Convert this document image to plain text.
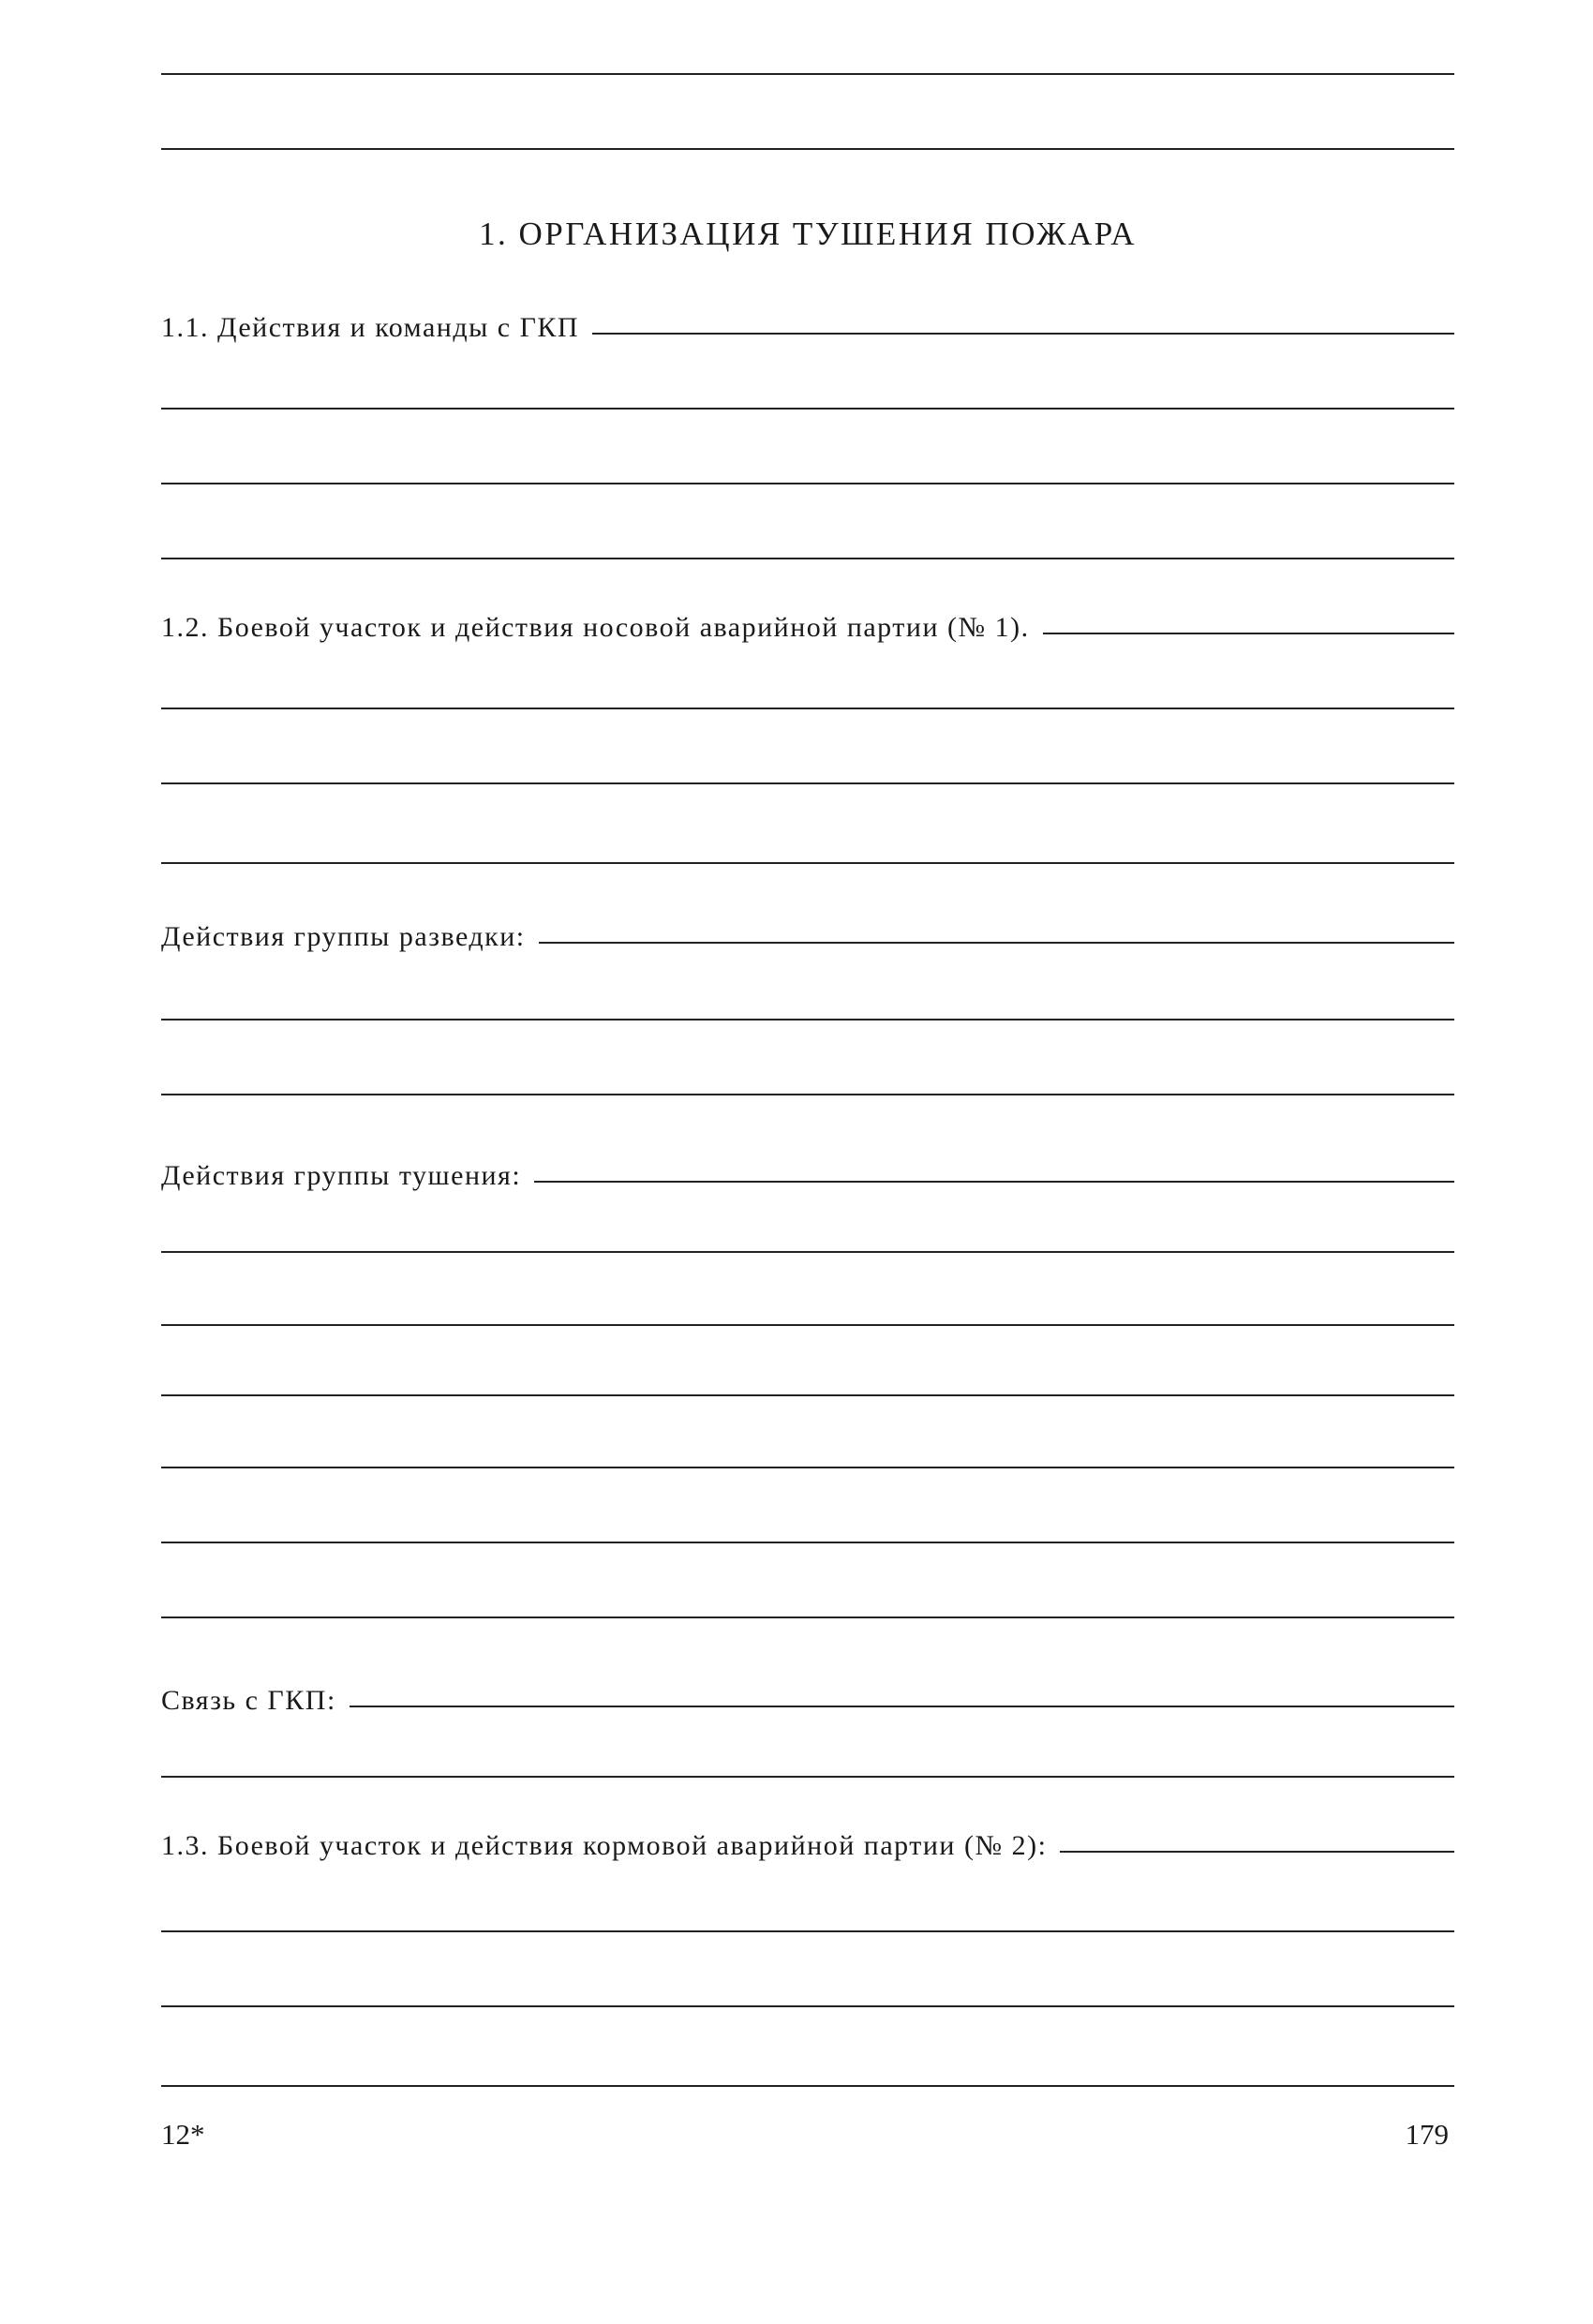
1. ОРГАНИЗАЦИЯ ТУШЕНИЯ ПОЖАРА
1.1. Действия и команды с ГКП
1.2. Боевой участок и действия носовой аварийной партии (№ 1).
Действия группы разведки:
Действия группы тушения:
Связь с ГКП:
1.3. Боевой участок и действия кормовой аварийной партии (№ 2):
12*	179
